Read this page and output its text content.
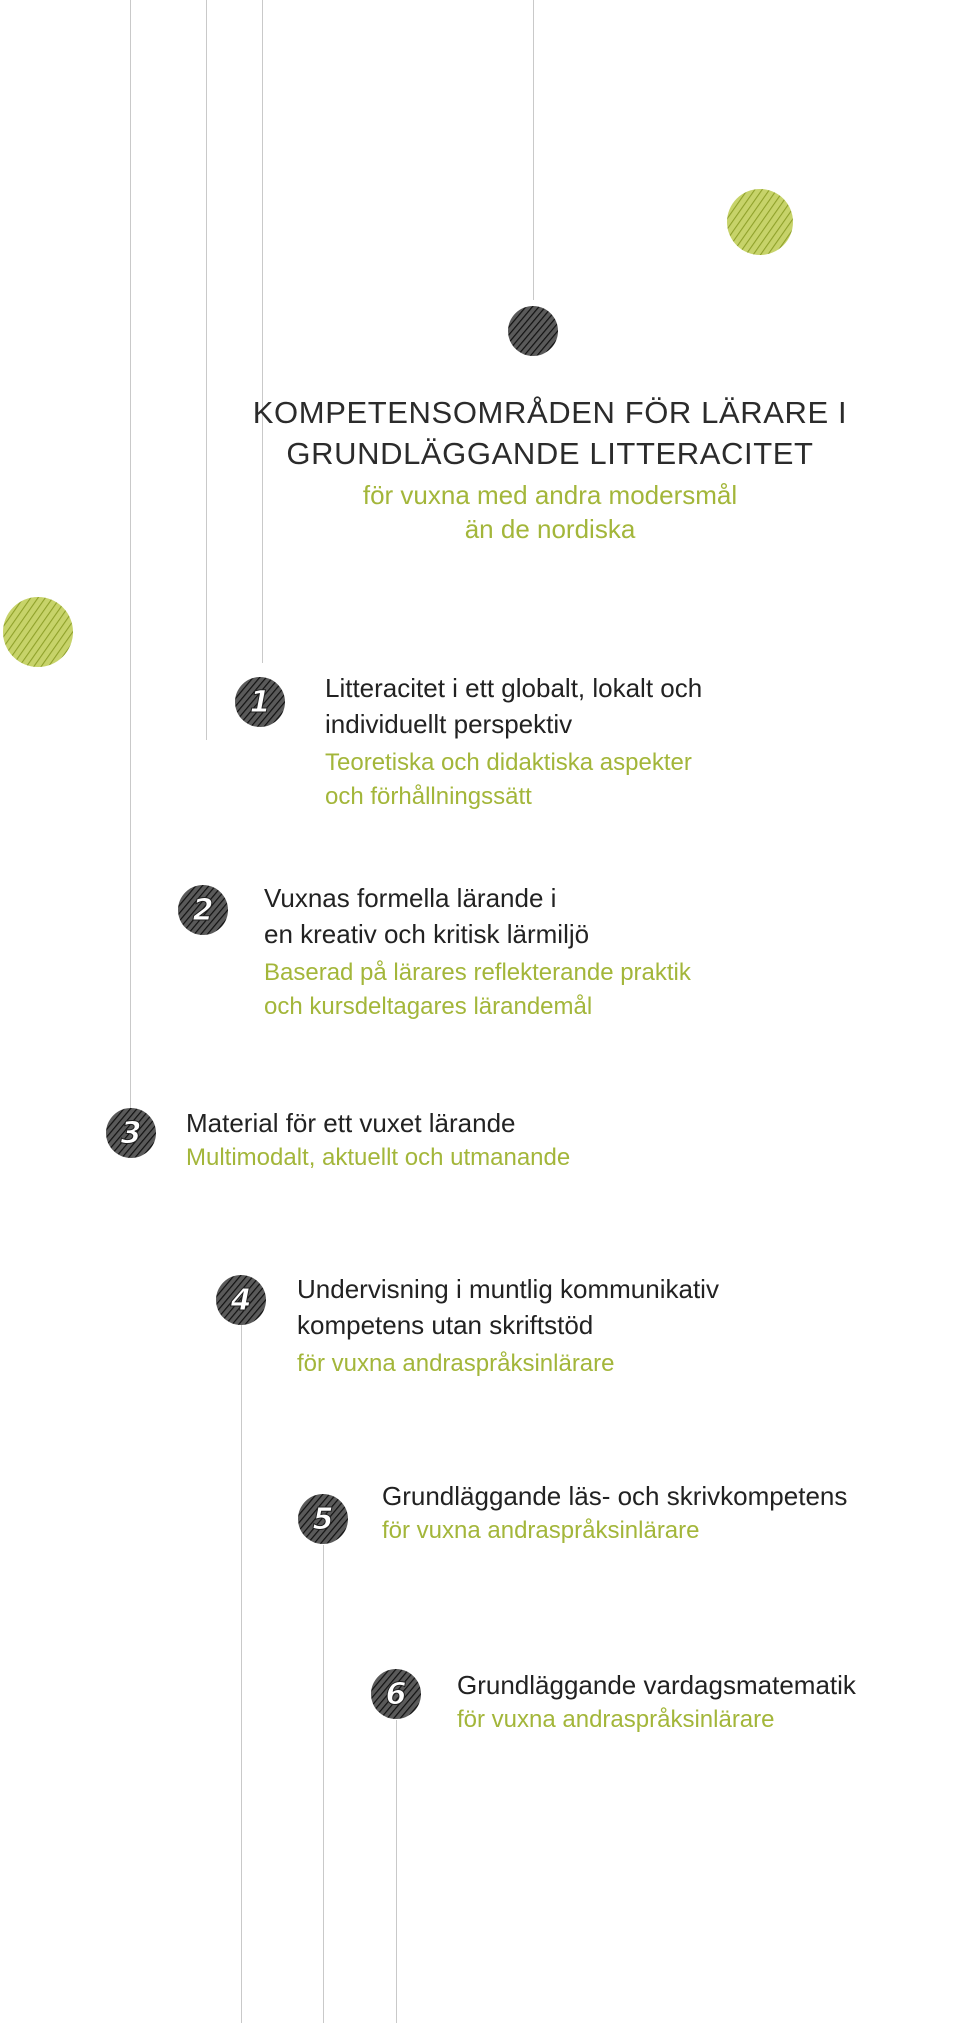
KOMPETENSOMRÅDEN FÖR LÄRARE I
GRUNDLÄGGANDE LITTERACITET
för vuxna med andra modersmål
än de nordiska
1	Litteracitet i ett globalt, lokalt och
individuellt perspektiv
Teoretiska och didaktiska aspekter
och förhållningssätt
2	Vuxnas formella lärande i
en kreativ och kritisk lärmiljö
Baserad på lärares reflekterande praktik
och kursdeltagares lärandemål
3	Material för ett vuxet lärande
Multimodalt, aktuellt och utmanande
4	Undervisning i muntlig kommunikativ
kompetens utan skriftstöd
för vuxna andraspråksinlärare
5
Grundläggande läs- och skrivkompetens
för vuxna andraspråksinlärare
6	Grundläggande vardagsmatematik
för vuxna andraspråksinlärare
